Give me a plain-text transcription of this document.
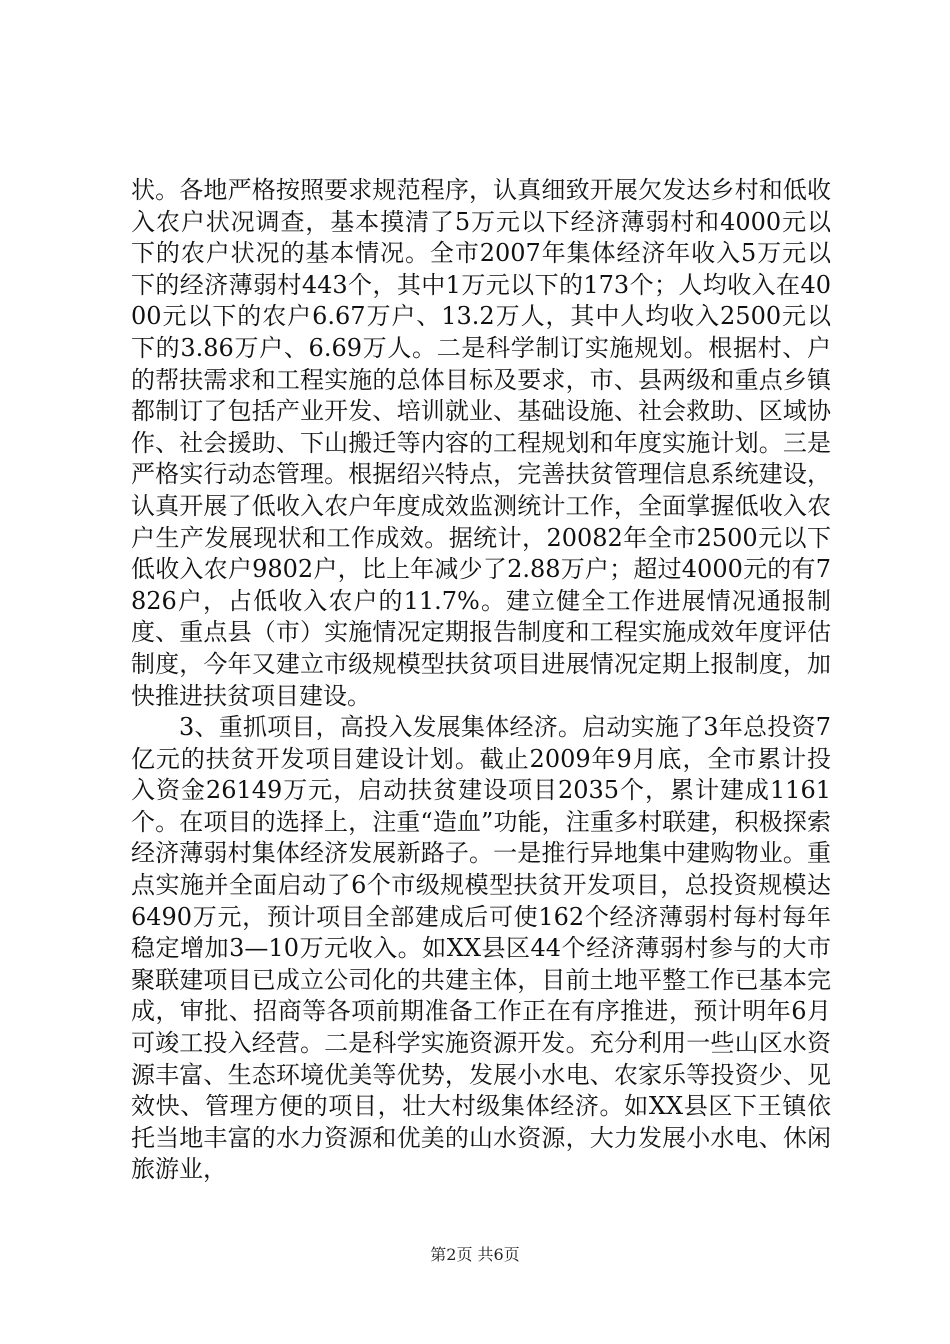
状。各地严格按照要求规范程序，认真细致开展欠发达乡村和低收入农户状况调查，基本摸清了5万元以下经济薄弱村和4000元以下的农户状况的基本情况。全市2007年集体经济年收入5万元以下的经济薄弱村443个，其中1万元以下的173个；人均收入在4000元以下的农户6.67万户、13.2万人，其中人均收入2500元以下的3.86万户、6.69万人。二是科学制订实施规划。根据村、户的帮扶需求和工程实施的总体目标及要求，市、县两级和重点乡镇都制订了包括产业开发、培训就业、基础设施、社会救助、区域协作、社会援助、下山搬迁等内容的工程规划和年度实施计划。三是严格实行动态管理。根据绍兴特点，完善扶贫管理信息系统建设，认真开展了低收入农户年度成效监测统计工作，全面掌握低收入农户生产发展现状和工作成效。据统计，20082年全市2500元以下低收入农户9802户，比上年减少了2.88万户；超过4000元的有7826户，占低收入农户的11.7%。建立健全工作进展情况通报制度、重点县（市）实施情况定期报告制度和工程实施成效年度评估制度，今年又建立市级规模型扶贫项目进展情况定期上报制度，加快推进扶贫项目建设。

3、重抓项目，高投入发展集体经济。启动实施了3年总投资7亿元的扶贫开发项目建设计划。截止2009年9月底，全市累计投入资金26149万元，启动扶贫建设项目2035个，累计建成1161个。在项目的选择上，注重“造血”功能，注重多村联建，积极探索经济薄弱村集体经济发展新路子。一是推行异地集中建购物业。重点实施并全面启动了6个市级规模型扶贫开发项目，总投资规模达6490万元，预计项目全部建成后可使162个经济薄弱村每村每年稳定增加3—10万元收入。如XX县区44个经济薄弱村参与的大市聚联建项目已成立公司化的共建主体，目前土地平整工作已基本完成，审批、招商等各项前期准备工作正在有序推进，预计明年6月可竣工投入经营。二是科学实施资源开发。充分利用一些山区水资源丰富、生态环境优美等优势，发展小水电、农家乐等投资少、见效快、管理方便的项目，壮大村级集体经济。如XX县区下王镇依托当地丰富的水力资源和优美的山水资源，大力发展小水电、休闲旅游业，

第2页 共6页
